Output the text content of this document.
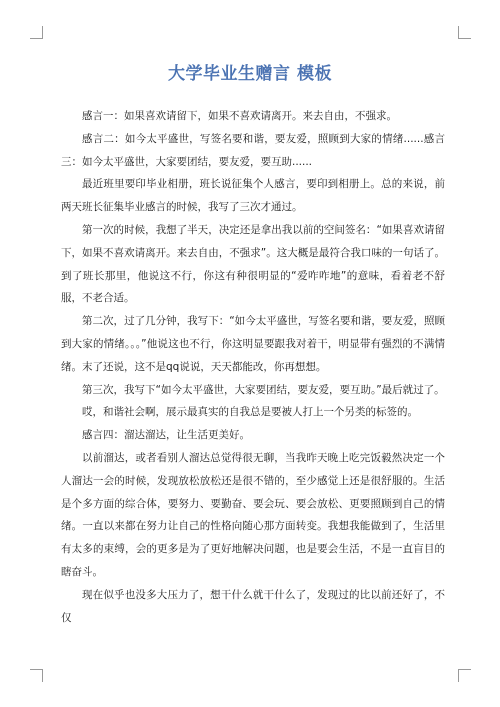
大学毕业生赠言 模板

感言一：如果喜欢请留下，如果不喜欢请离开。来去自由，不强求。

感言二：如今太平盛世，写签名要和谐，要友爱，照顾到大家的情绪......感言三：如今太平盛世，大家要团结，要友爱，要互助......

最近班里要印毕业相册，班长说征集个人感言，要印到相册上。总的来说，前两天班长征集毕业感言的时候，我写了三次才通过。

第一次的时候，我想了半天，决定还是拿出我以前的空间签名：“如果喜欢请留下，如果不喜欢请离开。来去自由，不强求”。这大概是最符合我口味的一句话了。到了班长那里，他说这不行，你这有种很明显的“爱咋咋地”的意味，看着老不舒服，不老合适。

第二次，过了几分钟，我写下：“如今太平盛世，写签名要和谐，要友爱，照顾到大家的情绪。。。”他说这也不行，你这明显要跟我对着干，明显带有强烈的不满情绪。末了还说，这不是qq说说，天天都能改，你再想想。

第三次，我写下“如今太平盛世，大家要团结，要友爱，要互助。”最后就过了。

哎，和谐社会啊，展示最真实的自我总是要被人打上一个另类的标签的。

感言四：溜达溜达，让生活更美好。

以前溜达，或者看别人溜达总觉得很无聊，当我昨天晚上吃完饭毅然决定一个人溜达一会的时候，发现放松放松还是很不错的，至少感觉上还是很舒服的。生活是个多方面的综合体，要努力、要勤奋、要会玩、要会放松、更要照顾到自己的情绪。一直以来都在努力让自己的性格向随心那方面转变。我想我能做到了，生活里有太多的束缚，会的更多是为了更好地解决问题，也是要会生活，不是一直盲目的瞎奋斗。

现在似乎也没多大压力了，想干什么就干什么了，发现过的比以前还好了，不仅
